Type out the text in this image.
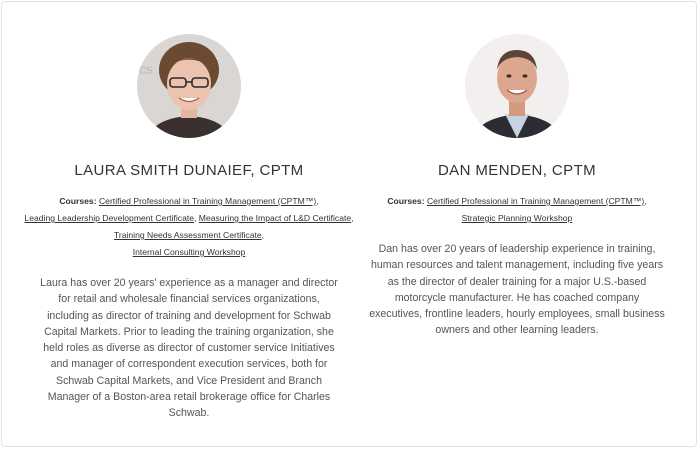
cs
LAURA SMITH DUNAIEF, CPTM
Courses: Certified Professional in Training Management (CPTM™),
Leading Leadership Development Certificate, Measuring the Impact of L&D Certificate, Training Needs Assessment Certificate,
Internal Consulting Workshop
Laura has over 20 years' experience as a manager and director for retail and wholesale financial services organizations, including as director of training and development for Schwab Capital Markets. Prior to leading the training organization, she held roles as diverse as director of customer service Initiatives and manager of correspondent execution services, both for Schwab Capital Markets, and Vice President and Branch Manager of a Boston-area retail brokerage office for Charles Schwab.
DAN MENDEN, CPTM
Courses: Certified Professional in Training Management (CPTM™),
Strategic Planning Workshop
Dan has over 20 years of leadership experience in training, human resources and talent management, including five years as the director of dealer training for a major U.S.-based motorcycle manufacturer. He has coached company executives, frontline leaders, hourly employees, small business owners and other learning leaders.
